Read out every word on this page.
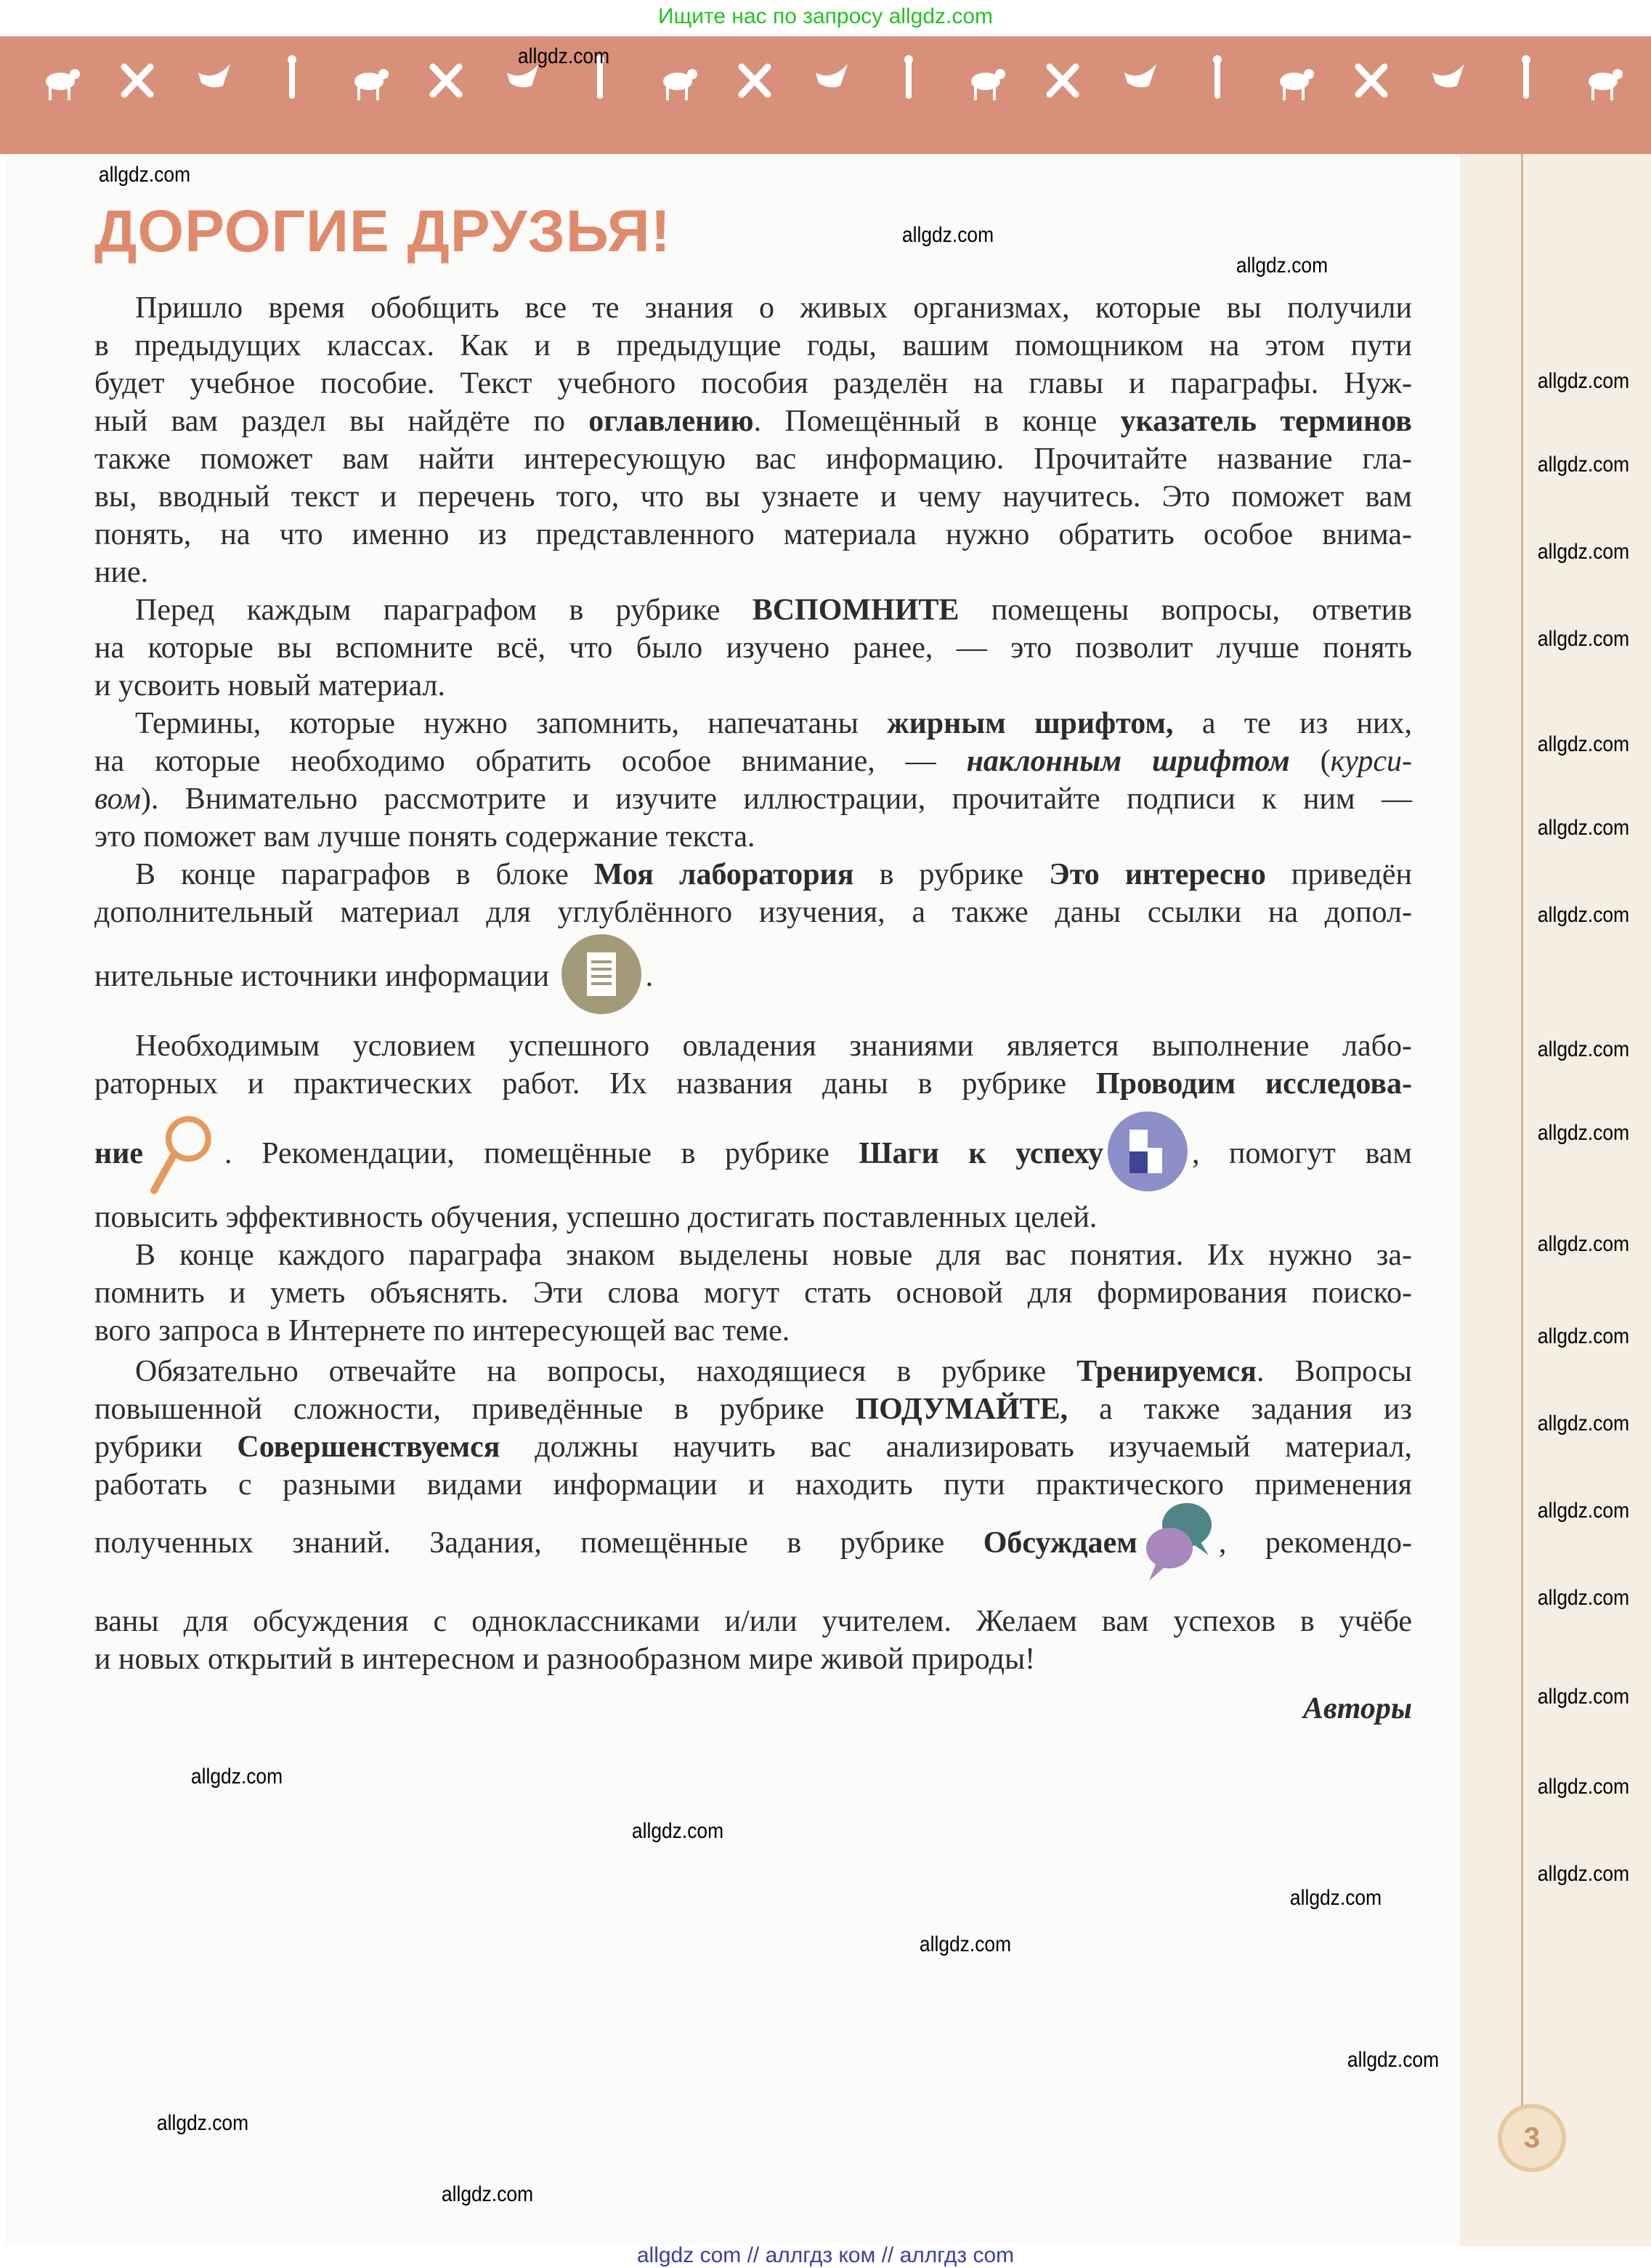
Ищите нас по запросу allgdz.com
ДОРОГИЕ ДРУЗЬЯ!
Пришло время обобщить все те знания о живых организмах, которые вы получили
в предыдущих классах. Как и в предыдущие годы, вашим помощником на этом пути
будет учебное пособие. Текст учебного пособия разделён на главы и параграфы. Нуж-
ный вам раздел вы найдёте по оглавлению. Помещённый в конце указатель терминов
также поможет вам найти интересующую вас информацию. Прочитайте название гла-
вы, вводный текст и перечень того, что вы узнаете и чему научитесь. Это поможет вам
понять, на что именно из представленного материала нужно обратить особое внима-
ние.
Перед каждым параграфом в рубрике ВСПОМНИТЕ помещены вопросы, ответив
на которые вы вспомните всё, что было изучено ранее, — это позволит лучше понять
и усвоить новый материал.
Термины, которые нужно запомнить, напечатаны жирным шрифтом, а те из них,
на которые необходимо обратить особое внимание, — наклонным шрифтом (курси-
вом). Внимательно рассмотрите и изучите иллюстрации, прочитайте подписи к ним —
это поможет вам лучше понять содержание текста.
В конце параграфов в блоке Моя лаборатория в рубрике Это интересно приведён
дополнительный материал для углублённого изучения, а также даны ссылки на допол-
нительные источники информации	.
Необходимым условием успешного овладения знаниями является выполнение лабо-
раторных и практических работ. Их названия даны в рубрике Проводим исследова-
ние	. Рекомендации, помещённые в рубрике Шаги к успеху	, помогут вам
повысить эффективность обучения, успешно достигать поставленных целей.
В конце каждого параграфа знаком выделены новые для вас понятия. Их нужно за-
помнить и уметь объяснять. Эти слова могут стать основой для формирования поиско-
вого запроса в Интернете по интересующей вас теме.
Обязательно отвечайте на вопросы, находящиеся в рубрике Тренируемся. Вопросы
повышенной сложности, приведённые в рубрике ПОДУМАЙТЕ, а также задания из
рубрики Совершенствуемся должны научить вас анализировать изучаемый материал,
работать с разными видами информации и находить пути практического применения
полученных знаний. Задания, помещённые в рубрике Обсуждаем	, рекомендо-
ваны для обсуждения с одноклассниками и/или учителем. Желаем вам успехов в учёбе
и новых открытий в интересном и разнообразном мире живой природы!
Авторы
3
allgdz.com
allgdz.com
allgdz.com
allgdz.com
allgdz.com
allgdz.com
allgdz.com
allgdz.com
allgdz.com
allgdz.com
allgdz.com
allgdz.com
allgdz.com
allgdz.com
allgdz.com
allgdz.com
allgdz.com
allgdz.com
allgdz.com
allgdz.com
allgdz.com
allgdz.com
allgdz.com
allgdz.com
allgdz.com
allgdz.com
allgdz.com
allgdz.com
allgdz com // аллгдз ком // аллгдз com
